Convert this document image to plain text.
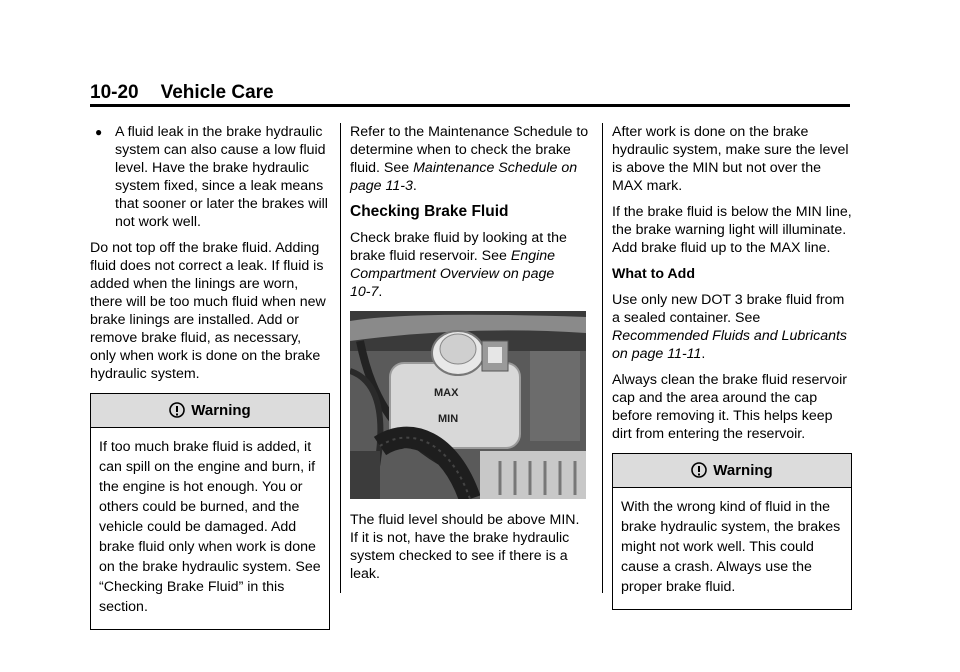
10-20 Vehicle Care
● A fluid leak in the brake hydraulic system can also cause a low fluid level. Have the brake hydraulic system fixed, since a leak means that sooner or later the brakes will not work well.

Do not top off the brake fluid. Adding fluid does not correct a leak. If fluid is added when the linings are worn, there will be too much fluid when new brake linings are installed. Add or remove brake fluid, as necessary, only when work is done on the brake hydraulic system.

Warning
If too much brake fluid is added, it can spill on the engine and burn, if the engine is hot enough. You or others could be burned, and the vehicle could be damaged. Add brake fluid only when work is done on the brake hydraulic system. See “Checking Brake Fluid” in this section.

Refer to the Maintenance Schedule to determine when to check the brake fluid. See Maintenance Schedule on page 11‑3.

Checking Brake Fluid

Check brake fluid by looking at the brake fluid reservoir. See Engine Compartment Overview on page 10‑7.

MAX
MIN

The fluid level should be above MIN. If it is not, have the brake hydraulic system checked to see if there is a leak.

After work is done on the brake hydraulic system, make sure the level is above the MIN but not over the MAX mark.

If the brake fluid is below the MIN line, the brake warning light will illuminate. Add brake fluid up to the MAX line.

What to Add

Use only new DOT 3 brake fluid from a sealed container. See Recommended Fluids and Lubricants on page 11‑11.

Always clean the brake fluid reservoir cap and the area around the cap before removing it. This helps keep dirt from entering the reservoir.

Warning
With the wrong kind of fluid in the brake hydraulic system, the brakes might not work well. This could cause a crash. Always use the proper brake fluid.
